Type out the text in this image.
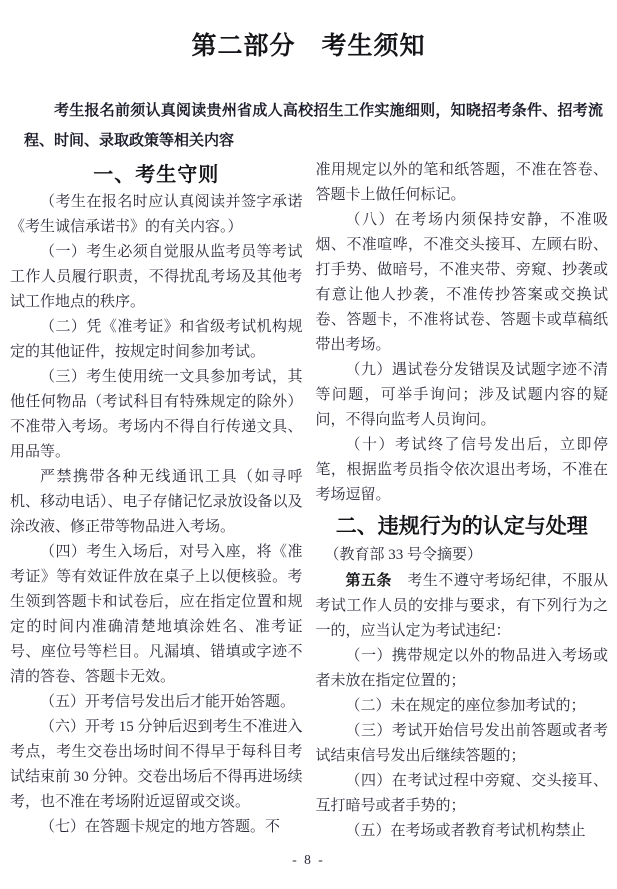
第二部分　考生须知

考生报名前须认真阅读贵州省成人高校招生工作实施细则，知晓招考条件、招考流程、时间、录取政策等相关内容

一、考生守则

（考生在报名时应认真阅读并签字承诺《考生诚信承诺书》的有关内容。）

（一）考生必须自觉服从监考员等考试工作人员履行职责，不得扰乱考场及其他考试工作地点的秩序。

（二）凭《准考证》和省级考试机构规定的其他证件，按规定时间参加考试。

（三）考生使用统一文具参加考试，其他任何物品（考试科目有特殊规定的除外）不准带入考场。考场内不得自行传递文具、用品等。

严禁携带各种无线通讯工具（如寻呼机、移动电话）、电子存储记忆录放设备以及涂改液、修正带等物品进入考场。

（四）考生入场后，对号入座，将《准考证》等有效证件放在桌子上以便核验。考生领到答题卡和试卷后，应在指定位置和规定的时间内准确清楚地填涂姓名、准考证号、座位号等栏目。凡漏填、错填或字迹不清的答卷、答题卡无效。

（五）开考信号发出后才能开始答题。

（六）开考 15 分钟后迟到考生不准进入考点，考生交卷出场时间不得早于每科目考试结束前 30 分钟。交卷出场后不得再进场续考，也不准在考场附近逗留或交谈。

（七）在答题卡规定的地方答题。不

准用规定以外的笔和纸答题，不准在答卷、答题卡上做任何标记。

（八）在考场内须保持安静，不准吸烟、不准喧哗，不准交头接耳、左顾右盼、打手势、做暗号，不准夹带、旁窥、抄袭或有意让他人抄袭，不准传抄答案或交换试卷、答题卡，不准将试卷、答题卡或草稿纸带出考场。

（九）遇试卷分发错误及试题字迹不清等问题，可举手询问；涉及试题内容的疑问，不得向监考人员询问。

（十）考试终了信号发出后，立即停笔，根据监考员指令依次退出考场，不准在考场逗留。

二、违规行为的认定与处理

（教育部 33 号令摘要）

第五条　考生不遵守考场纪律，不服从考试工作人员的安排与要求，有下列行为之一的，应当认定为考试违纪：

（一）携带规定以外的物品进入考场或者未放在指定位置的；

（二）未在规定的座位参加考试的；

（三）考试开始信号发出前答题或者考试结束信号发出后继续答题的；

（四）在考试过程中旁窥、交头接耳、互打暗号或者手势的；

（五）在考场或者教育考试机构禁止

- 8 -
